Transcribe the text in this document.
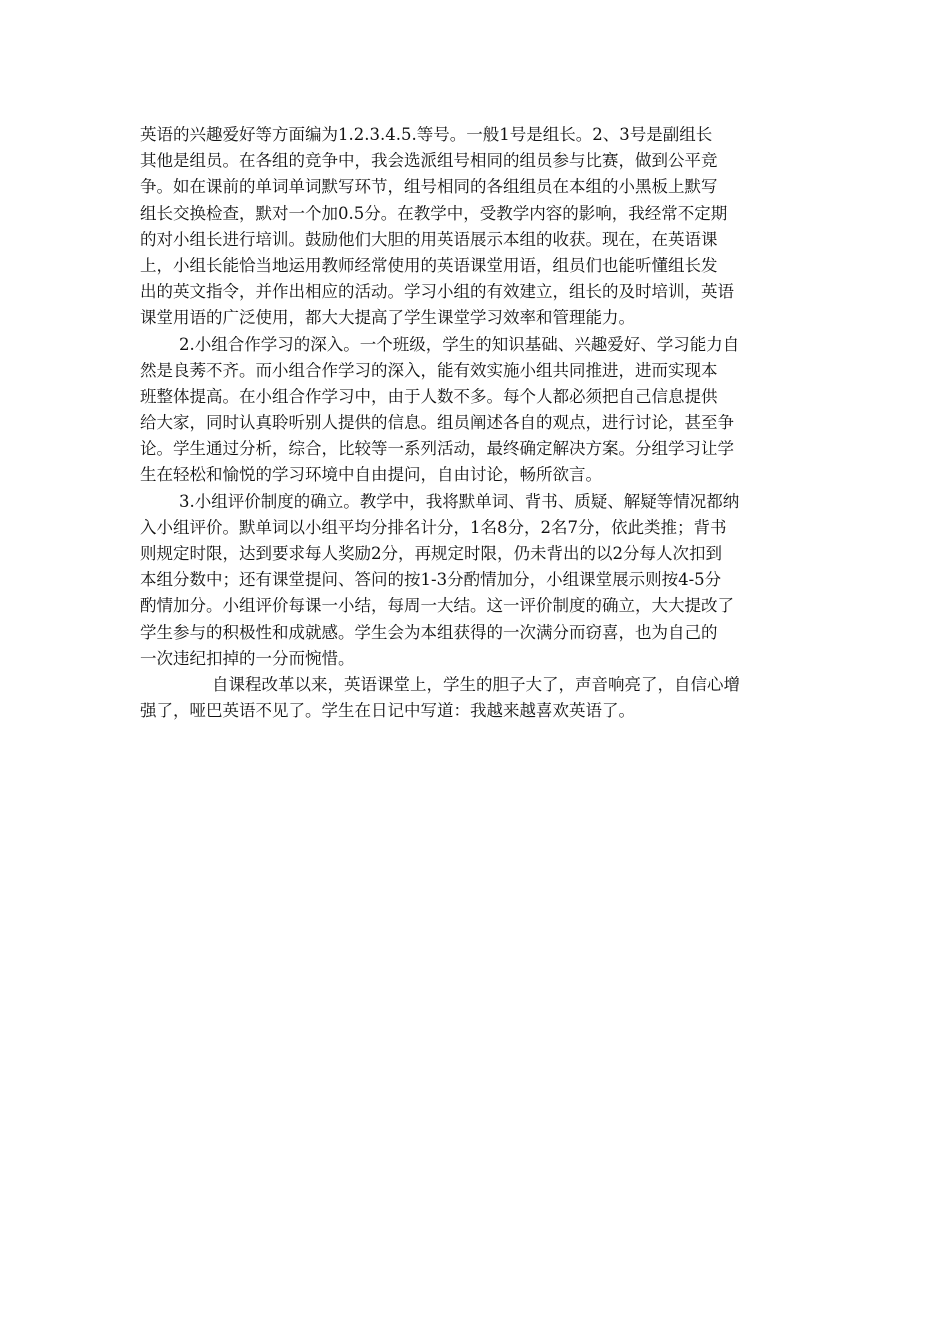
英语的兴趣爱好等方面编为1.2.3.4.5.等号。一般1号是组长。2、3号是副组长
其他是组员。在各组的竞争中，我会选派组号相同的组员参与比赛，做到公平竞
争。如在课前的单词单词默写环节，组号相同的各组组员在本组的小黑板上默写
组长交换检查，默对一个加0.5分。在教学中，受教学内容的影响，我经常不定期
的对小组长进行培训。鼓励他们大胆的用英语展示本组的收获。现在，在英语课
上，小组长能恰当地运用教师经常使用的英语课堂用语，组员们也能听懂组长发
出的英文指令，并作出相应的活动。学习小组的有效建立，组长的及时培训，英语
课堂用语的广泛使用，都大大提高了学生课堂学习效率和管理能力。
2.小组合作学习的深入。一个班级，学生的知识基础、兴趣爱好、学习能力自
然是良莠不齐。而小组合作学习的深入，能有效实施小组共同推进，进而实现本
班整体提高。在小组合作学习中，由于人数不多。每个人都必须把自己信息提供
给大家，同时认真聆听别人提供的信息。组员阐述各自的观点，进行讨论，甚至争
论。学生通过分析，综合，比较等一系列活动，最终确定解决方案。分组学习让学
生在轻松和愉悦的学习环境中自由提问，自由讨论，畅所欲言。
3.小组评价制度的确立。教学中，我将默单词、背书、质疑、解疑等情况都纳
入小组评价。默单词以小组平均分排名计分，1名8分，2名7分，依此类推；背书
则规定时限，达到要求每人奖励2分，再规定时限，仍未背出的以2分每人次扣到
本组分数中；还有课堂提问、答问的按1-3分酌情加分，小组课堂展示则按4-5分
酌情加分。小组评价每课一小结，每周一大结。这一评价制度的确立，大大提改了
学生参与的积极性和成就感。学生会为本组获得的一次满分而窃喜，也为自己的
一次违纪扣掉的一分而惋惜。
自课程改革以来，英语课堂上，学生的胆子大了，声音响亮了，自信心增
强了，哑巴英语不见了。学生在日记中写道：我越来越喜欢英语了。
